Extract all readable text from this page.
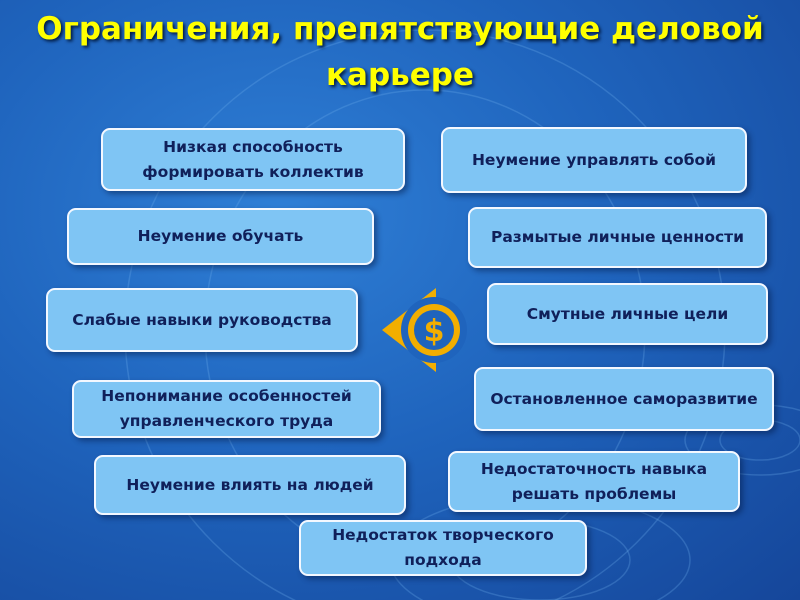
Ограничения, препятствующие деловой карьере
Низкая способность формировать коллектив
Неумение обучать
Слабые навыки руководства
Непонимание особенностей управленческого труда
Неумение влиять на людей
Неумение управлять собой
Размытые личные ценности
Смутные личные цели
Остановленное саморазвитие
Недостаточность навыка решать проблемы
Недостаток творческого подхода
$
